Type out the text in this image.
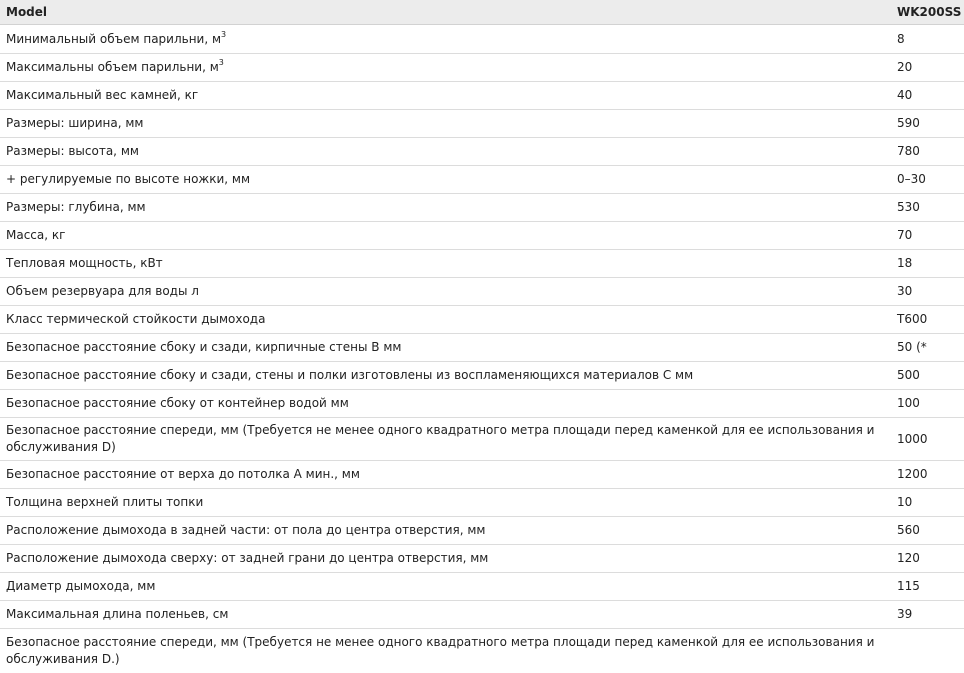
Model	WK200SS
Минимальный объем парильни, $м^3$	8
Максимальны объем парильни, $м^3$	20
Максимальный вес камней, кг	40
Размеры: ширина, мм	590
Размеры: высота, мм	780
+ регулируемые по высоте ножки, мм	0–30
Размеры: глубина, мм	530
Масса, кг	70
Тепловая мощность, кВт	18
Объем резервуара для воды л	30
Класс термической стойкости дымохода	T600
Безопасное расстояние сбоку и сзади, кирпичные стены B мм	50 (*
Безопасное расстояние сбоку и сзади, стены и полки изготовлены из воспламеняющихся материалов C мм	500
Безопасное расстояние сбоку от контейнер водой мм	100
Безопасное расстояние спереди, мм (Требуется не менее одного квадратного метра площади перед каменкой для ее использования и обслуживания D)	1000
Безопасное расстояние от верха до потолка A мин., мм	1200
Толщина верхней плиты топки	10
Расположение дымохода в задней части: от пола до центра отверстия, мм	560
Расположение дымохода сверху: от задней грани до центра отверстия, мм	120
Диаметр дымохода, мм	115
Максимальная длина поленьев, см	39
Безопасное расстояние спереди, мм (Требуется не менее одного квадратного метра площади перед каменкой для ее использования и обслуживания D.)	
